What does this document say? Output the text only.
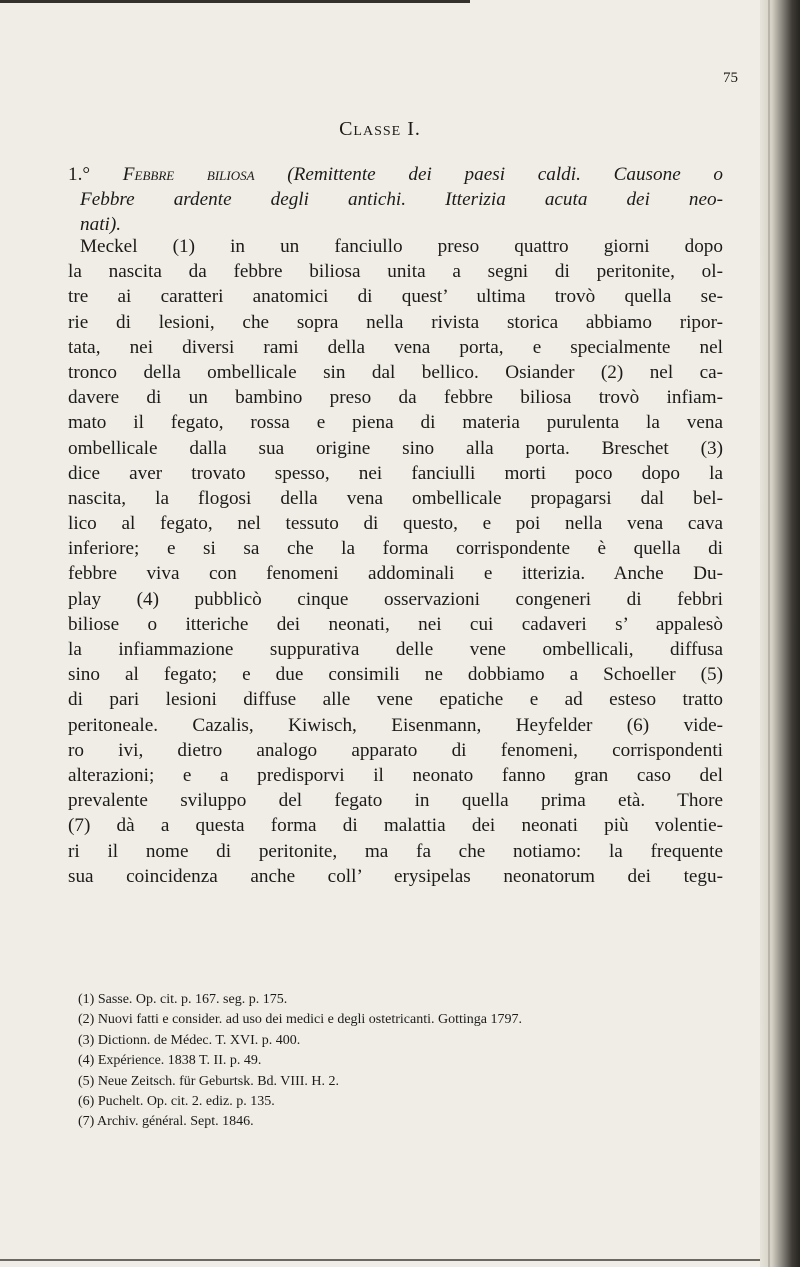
75
Classe I.
1.° Febbre biliosa (Remittente dei paesi caldi. Causone o
Febbre ardente degli antichi. Itterizia acuta dei neo-
nati).
Meckel (1) in un fanciullo preso quattro giorni dopo
la nascita da febbre biliosa unita a segni di peritonite, ol-
tre ai caratteri anatomici di quest’ ultima trovò quella se-
rie di lesioni, che sopra nella rivista storica abbiamo ripor-
tata, nei diversi rami della vena porta, e specialmente nel
tronco della ombellicale sin dal bellico. Osiander (2) nel ca-
davere di un bambino preso da febbre biliosa trovò infiam-
mato il fegato, rossa e piena di materia purulenta la vena
ombellicale dalla sua origine sino alla porta. Breschet (3)
dice aver trovato spesso, nei fanciulli morti poco dopo la
nascita, la flogosi della vena ombellicale propagarsi dal bel-
lico al fegato, nel tessuto di questo, e poi nella vena cava
inferiore; e si sa che la forma corrispondente è quella di
febbre viva con fenomeni addominali e itterizia. Anche Du-
play (4) pubblicò cinque osservazioni congeneri di febbri
biliose o itteriche dei neonati, nei cui cadaveri s’ appalesò
la infiammazione suppurativa delle vene ombellicali, diffusa
sino al fegato; e due consimili ne dobbiamo a Schoeller (5)
di pari lesioni diffuse alle vene epatiche e ad esteso tratto
peritoneale. Cazalis, Kiwisch, Eisenmann, Heyfelder (6) vide-
ro ivi, dietro analogo apparato di fenomeni, corrispondenti
alterazioni; e a predisporvi il neonato fanno gran caso del
prevalente sviluppo del fegato in quella prima età. Thore
(7) dà a questa forma di malattia dei neonati più volentie-
ri il nome di peritonite, ma fa che notiamo: la frequente
sua coincidenza anche coll’ erysipelas neonatorum dei tegu-
(1) Sasse. Op. cit. p. 167. seg. p. 175.
(2) Nuovi fatti e consider. ad uso dei medici e degli ostetricanti. Gottinga 1797.
(3) Dictionn. de Médec. T. XVI. p. 400.
(4) Expérience. 1838 T. II. p. 49.
(5) Neue Zeitsch. für Geburtsk. Bd. VIII. H. 2.
(6) Puchelt. Op. cit. 2. ediz. p. 135.
(7) Archiv. général. Sept. 1846.
